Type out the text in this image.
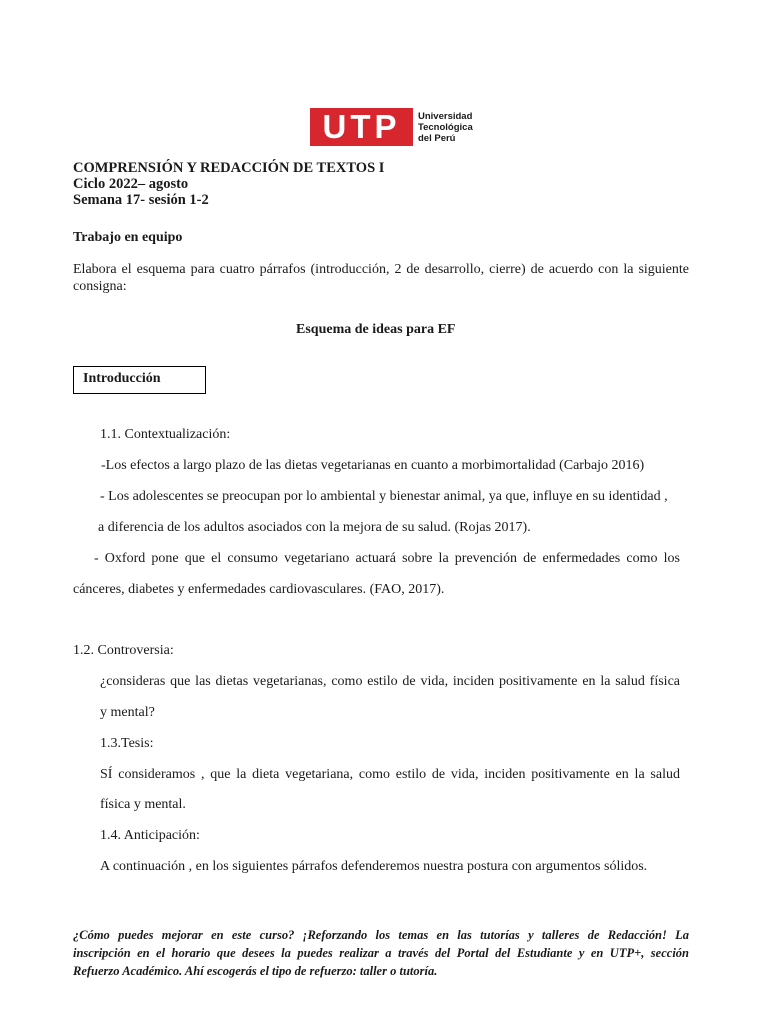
UTP Universidad
Tecnológica
del Perú
COMPRENSIÓN Y REDACCIÓN DE TEXTOS I
Ciclo 2022– agosto
Semana 17- sesión 1-2
Trabajo en equipo
Elabora el esquema para cuatro párrafos (introducción, 2 de desarrollo, cierre) de acuerdo con la siguiente
consigna:
Esquema de ideas para EF
Introducción
1.1. Contextualización:
-Los efectos a largo plazo de las dietas vegetarianas en cuanto a morbimortalidad (Carbajo 2016)
- Los adolescentes se preocupan por lo ambiental y bienestar animal, ya que, influye en su identidad ,
a diferencia de los adultos asociados con la mejora de su salud. (Rojas 2017).
- Oxford pone que el consumo vegetariano actuará sobre la prevención de enfermedades como los
cánceres, diabetes y enfermedades cardiovasculares. (FAO, 2017).
1.2. Controversia:
¿consideras que las dietas vegetarianas, como estilo de vida, inciden positivamente en la salud física
y mental?
1.3.Tesis:
SÍ consideramos , que la dieta vegetariana, como estilo de vida, inciden positivamente en la salud
física y mental.
1.4. Anticipación:
A continuación , en los siguientes párrafos defenderemos nuestra postura con argumentos sólidos.
¿Cómo puedes mejorar en este curso? ¡Reforzando los temas en las tutorías y talleres de Redacción! La
inscripción en el horario que desees la puedes realizar a través del Portal del Estudiante y en UTP+, sección
Refuerzo Académico. Ahí escogerás el tipo de refuerzo: taller o tutoría.
